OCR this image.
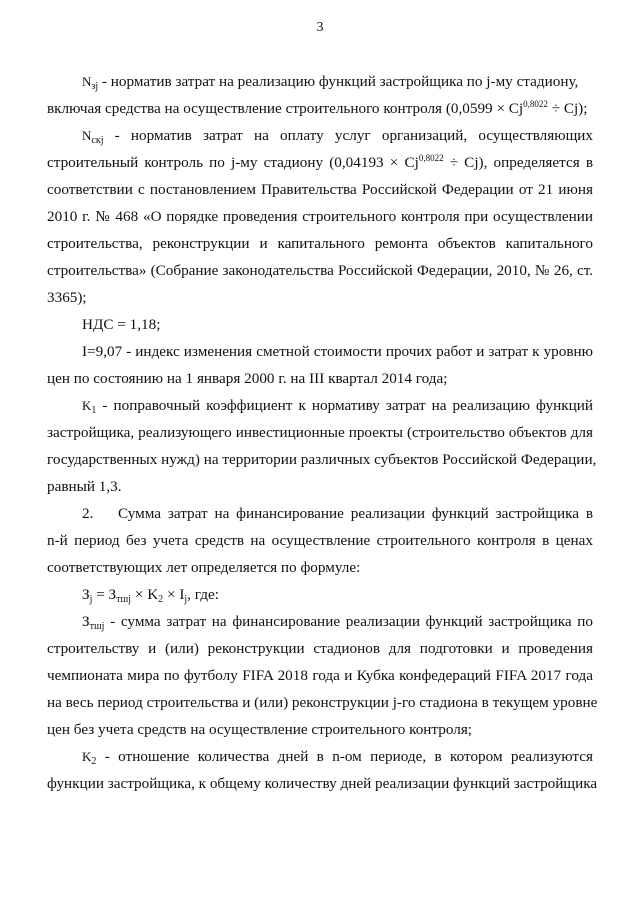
3
$N_{зj}$ - норматив затрат на реализацию функций застройщика по j-му стадиону,
включая средства на осуществление строительного контроля $(0,0599 \times Cj^{0,8022} \div Cj)$;
$N_{скj}$ - норматив затрат на оплату услуг организаций, осуществляющих
строительный контроль по j-му стадиону $(0,04193 \times Cj^{0,8022} \div Cj)$, определяется в
соответствии с постановлением Правительства Российской Федерации от 21 июня
2010 г. № 468 «О порядке проведения строительного контроля при осуществлении
строительства, реконструкции и капитального ремонта объектов капитального
строительства» (Собрание законодательства Российской Федерации, 2010, № 26, ст.
3365);
НДС = 1,18;
I=9,07 - индекс изменения сметной стоимости прочих работ и затрат к уровню
цен по состоянию на 1 января 2000 г. на III квартал 2014 года;
$K_1$ - поправочный коэффициент к нормативу затрат на реализацию функций
застройщика, реализующего инвестиционные проекты (строительство объектов для
государственных нужд) на территории различных субъектов Российской Федерации,
равный 1,3.
2.	Сумма затрат на финансирование реализации функций застройщика в
n-й период без учета средств на осуществление строительного контроля в ценах
соответствующих лет определяется по формуле:
$З_j = З_{тшj} \times K_2 \times I_j$, где:
$З_{тшj}$ - сумма затрат на финансирование реализации функций застройщика по
строительству и (или) реконструкции стадионов для подготовки и проведения
чемпионата мира по футболу FIFA 2018 года и Кубка конфедераций FIFA 2017 года
на весь период строительства и (или) реконструкции j-го стадиона в текущем уровне
цен без учета средств на осуществление строительного контроля;
$K_2$ - отношение количества дней в n-ом периоде, в котором реализуются
функции застройщика, к общему количеству дней реализации функций застройщика
